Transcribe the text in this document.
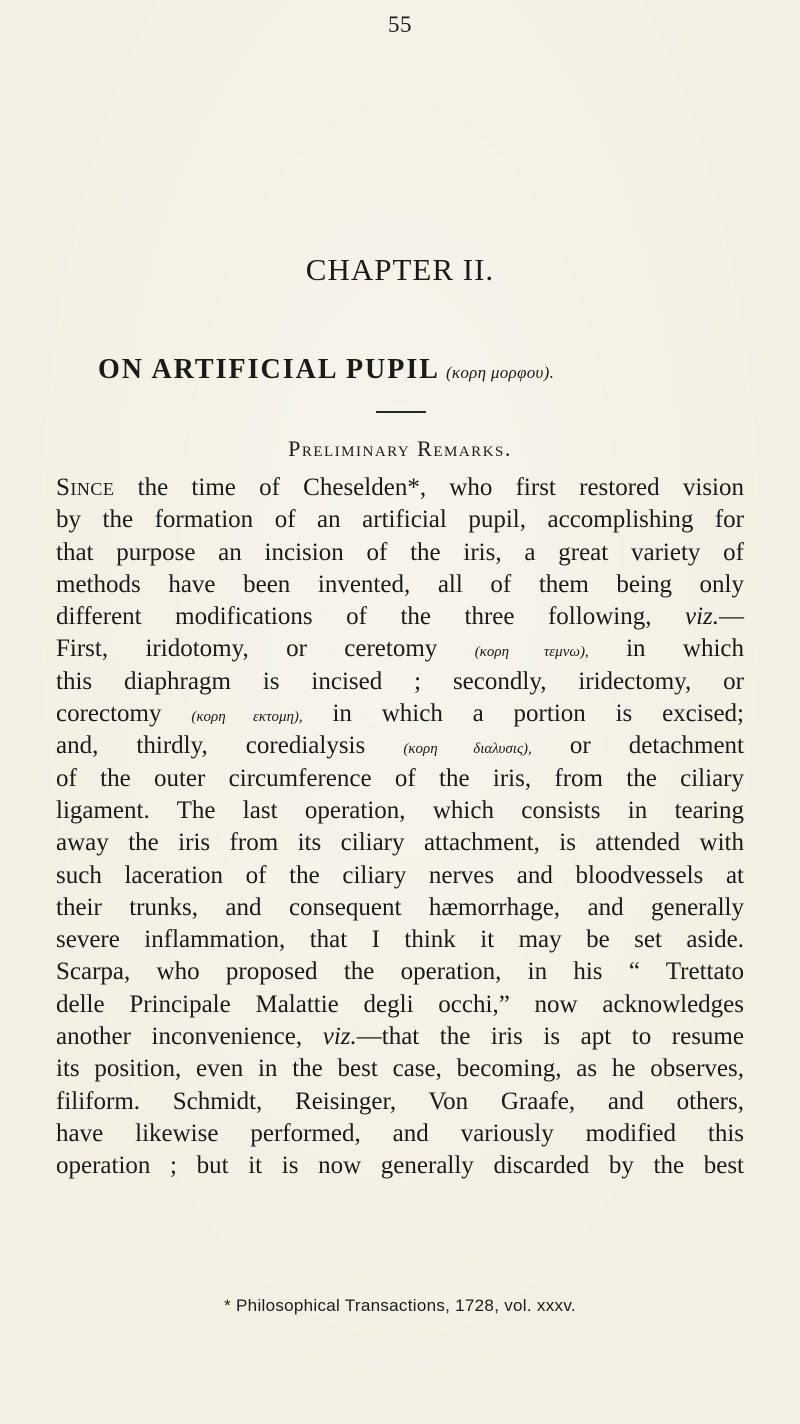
55
CHAPTER II.
ON ARTIFICIAL PUPIL (κορη μορφου).
Preliminary Remarks.
Since the time of Cheselden*, who first restored vision
by the formation of an artificial pupil, accomplishing for
that purpose an incision of the iris, a great variety of
methods have been invented, all of them being only
different modifications of the three following, viz.—
First, iridotomy, or ceretomy (κορη τεμνω), in which
this diaphragm is incised ; secondly, iridectomy, or
corectomy (κορη εκτομη), in which a portion is excised;
and, thirdly, coredialysis (κορη διαλυσις), or detachment
of the outer circumference of the iris, from the ciliary
ligament. The last operation, which consists in tearing
away the iris from its ciliary attachment, is attended with
such laceration of the ciliary nerves and bloodvessels at
their trunks, and consequent hæmorrhage, and generally
severe inflammation, that I think it may be set aside.
Scarpa, who proposed the operation, in his “ Trettato
delle Principale Malattie degli occhi,” now acknowledges
another inconvenience, viz.—that the iris is apt to resume
its position, even in the best case, becoming, as he observes,
filiform. Schmidt, Reisinger, Von Graafe, and others,
have likewise performed, and variously modified this
operation ; but it is now generally discarded by the best
* Philosophical Transactions, 1728, vol. xxxv.
